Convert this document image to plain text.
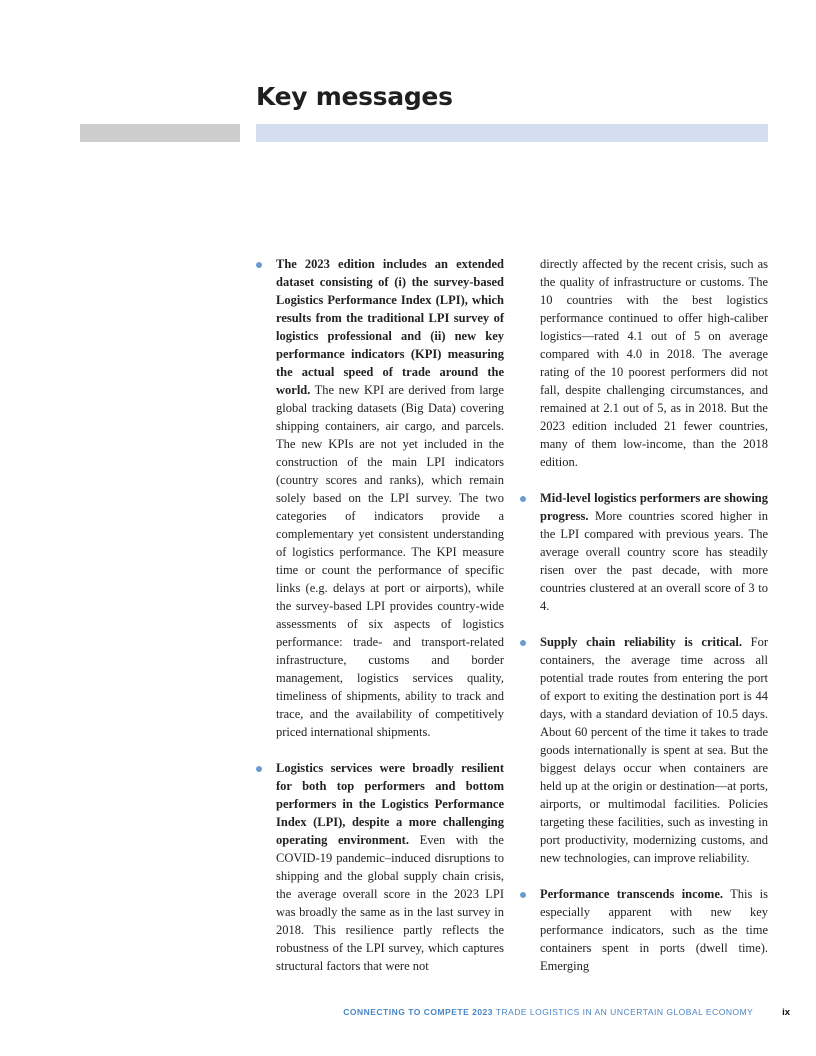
Key messages

The 2023 edition includes an extended dataset consisting of (i) the survey-based Logistics Performance Index (LPI), which results from the traditional LPI survey of logistics professional and (ii) new key performance indicators (KPI) measuring the actual speed of trade around the world. The new KPI are derived from large global tracking datasets (Big Data) covering shipping containers, air cargo, and parcels. The new KPIs are not yet included in the construction of the main LPI indicators (country scores and ranks), which remain solely based on the LPI survey. The two categories of indicators provide a complementary yet consistent understanding of logistics performance. The KPI measure time or count the performance of specific links (e.g. delays at port or airports), while the survey-based LPI provides country-wide assessments of six aspects of logistics performance: trade- and transport-related infrastructure, customs and border management, logistics services quality, timeliness of shipments, ability to track and trace, and the availability of competitively priced international shipments.

Logistics services were broadly resilient for both top performers and bottom performers in the Logistics Performance Index (LPI), despite a more challenging operating environment. Even with the COVID-19 pandemic–induced disruptions to shipping and the global supply chain crisis, the average overall score in the 2023 LPI was broadly the same as in the last survey in 2018. This resilience partly reflects the robustness of the LPI survey, which captures structural factors that were not

directly affected by the recent crisis, such as the quality of infrastructure or customs. The 10 countries with the best logistics performance continued to offer high-caliber logistics—rated 4.1 out of 5 on average compared with 4.0 in 2018. The average rating of the 10 poorest performers did not fall, despite challenging circumstances, and remained at 2.1 out of 5, as in 2018. But the 2023 edition included 21 fewer countries, many of them low-income, than the 2018 edition.

Mid-level logistics performers are showing progress. More countries scored higher in the LPI compared with previous years. The average overall country score has steadily risen over the past decade, with more countries clustered at an overall score of 3 to 4.

Supply chain reliability is critical. For containers, the average time across all potential trade routes from entering the port of export to exiting the destination port is 44 days, with a standard deviation of 10.5 days. About 60 percent of the time it takes to trade goods internationally is spent at sea. But the biggest delays occur when containers are held up at the origin or destination—at ports, airports, or multimodal facilities. Policies targeting these facilities, such as investing in port productivity, modernizing customs, and new technologies, can improve reliability.

Performance transcends income. This is especially apparent with new key performance indicators, such as the time containers spent in ports (dwell time). Emerging

CONNECTING TO COMPETE 2023 TRADE LOGISTICS IN AN UNCERTAIN GLOBAL ECONOMY	ix
